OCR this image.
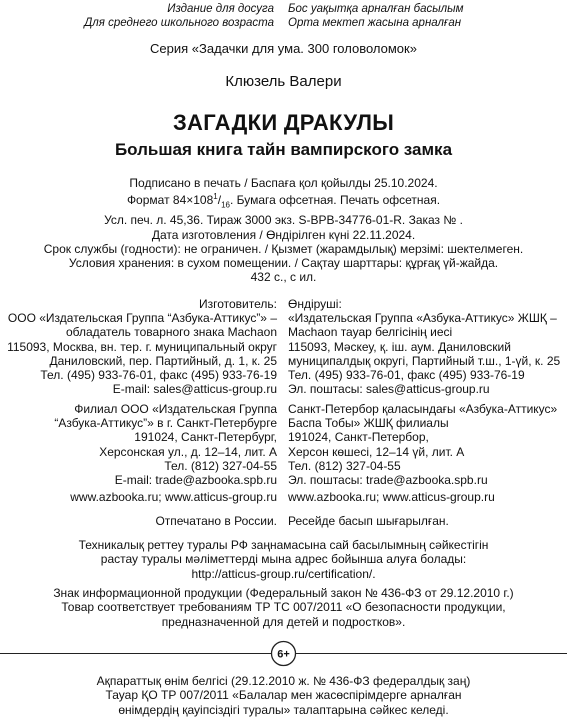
Издание для досуга
Для среднего школьного возраста
Бос уақытқа арналған басылым
Орта мектеп жасына арналған
Серия «Задачки для ума. 300 головоломок»
Клюзель Валери
ЗАГАДКИ ДРАКУЛЫ
Большая книга тайн вампирского замка
Подписано в печать / Баспаға қол қойылды 25.10.2024.
Формат $84\times 108^1/_{16}$. Бумага офсетная. Печать офсетная.
Усл. печ. л. 45,36. Тираж 3000 экз. S-BPB-34776-01-R. Заказ № .
Дата изготовления / Өндірілген күні 22.11.2024.
Срок службы (годности): не ограничен. / Қызмет (жарамдылық) мерзімі: шектелмеген.
Условия хранения: в сухом помещении. / Сақтау шарттары: құрғақ үй-жайда.
432 с., с ил.
Изготовитель:
ООО «Издательская Группа “Азбука-Аттикус”» –
обладатель товарного знака Machaon
115093, Москва, вн. тер. г. муниципальный округ
Даниловский, пер. Партийный, д. 1, к. 25
Тел. (495) 933-76-01, факс (495) 933-76-19
E-mail: sales@atticus-group.ru
Өндіруші:
«Издательская Группа «Азбука-Аттикус» ЖШҚ –
Machaon тауар белгісінің иесі
115093, Мәскеу, қ. іш. аум. Даниловский
муниципалдық округі, Партийный т.ш., 1-үй, к. 25
Тел. (495) 933-76-01, факс (495) 933-76-19
Эл. поштасы: sales@atticus-group.ru
Филиал ООО «Издательская Группа
“Азбука-Аттикус”» в г. Санкт-Петербурге
191024, Санкт-Петербург,
Херсонская ул., д. 12–14, лит. А
Тел. (812) 327-04-55
E-mail: trade@azbooka.spb.ru
Санкт-Петербор қаласындағы «Азбука-Аттикус»
Баспа Тобы» ЖШҚ филиалы
191024, Санкт-Петербор,
Херсон көшесі, 12–14 үй, лит. А
Тел. (812) 327-04-55
Эл. поштасы: trade@azbooka.spb.ru
www.azbooka.ru; www.atticus-group.ru www.azbooka.ru; www.atticus-group.ru
Отпечатано в России. Ресейде басып шығарылған.
Техникалық реттеу туралы РФ заңнамасына сай басылымның сәйкестігін
растау туралы мәліметтерді мына адрес бойынша алуға болады:
http://atticus-group.ru/certification/.
Знак информационной продукции (Федеральный закон № 436-ФЗ от 29.12.2010 г.)
Товар соответствует требованиям ТР ТС 007/2011 «О безопасности продукции,
предназначенной для детей и подростков».
6+
Ақпараттық өнім белгісі (29.12.2010 ж. № 436-ФЗ федералдық заң)
Тауар ҚО ТР 007/2011 «Балалар мен жасөспірімдерге арналған
өнімдердің қауіпсіздігі туралы» талаптарына сәйкес келеді.
